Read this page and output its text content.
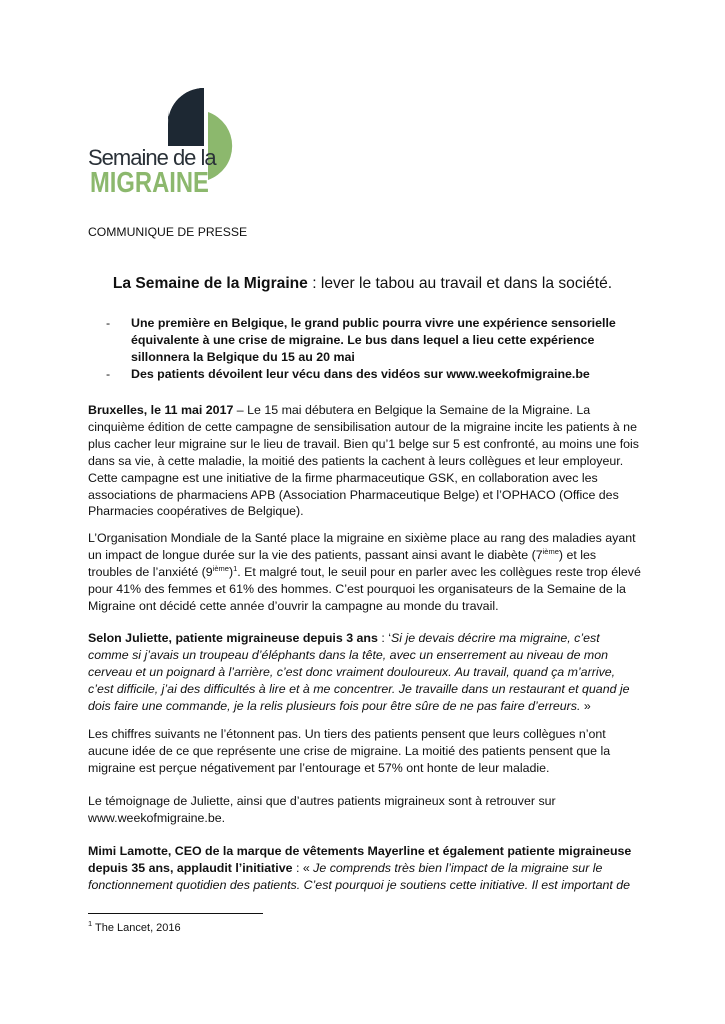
Semaine de la
MIGRAINE
COMMUNIQUE DE PRESSE
La Semaine de la Migraine : lever le tabou au travail et dans la société.
- Une première en Belgique, le grand public pourra vivre une expérience sensorielle équivalente à une crise de migraine. Le bus dans lequel a lieu cette expérience sillonnera la Belgique du 15 au 20 mai
- Des patients dévoilent leur vécu dans des vidéos sur www.weekofmigraine.be

Bruxelles, le 11 mai 2017 – Le 15 mai débutera en Belgique la Semaine de la Migraine. La cinquième édition de cette campagne de sensibilisation autour de la migraine incite les patients à ne plus cacher leur migraine sur le lieu de travail. Bien qu’1 belge sur 5 est confronté, au moins une fois dans sa vie, à cette maladie, la moitié des patients la cachent à leurs collègues et leur employeur. Cette campagne est une initiative de la firme pharmaceutique GSK, en collaboration avec les associations de pharmaciens APB (Association Pharmaceutique Belge) et l’OPHACO (Office des Pharmacies coopératives de Belgique).

L’Organisation Mondiale de la Santé place la migraine en sixième place au rang des maladies ayant un impact de longue durée sur la vie des patients, passant ainsi avant le diabète (7ième) et les troubles de l’anxiété $(9ième)^1$. Et malgré tout, le seuil pour en parler avec les collègues reste trop élevé pour 41% des femmes et 61% des hommes. C’est pourquoi les organisateurs de la Semaine de la Migraine ont décidé cette année d’ouvrir la campagne au monde du travail.

Selon Juliette, patiente migraineuse depuis 3 ans : ‘Si je devais décrire ma migraine, c’est comme si j’avais un troupeau d’éléphants dans la tête, avec un enserrement au niveau de mon cerveau et un poignard à l’arrière, c’est donc vraiment douloureux. Au travail, quand ça m’arrive, c’est difficile, j’ai des difficultés à lire et à me concentrer. Je travaille dans un restaurant et quand je dois faire une commande, je la relis plusieurs fois pour être sûre de ne pas faire d’erreurs. »

Les chiffres suivants ne l’étonnent pas. Un tiers des patients pensent que leurs collègues n’ont aucune idée de ce que représente une crise de migraine. La moitié des patients pensent que la migraine est perçue négativement par l’entourage et 57% ont honte de leur maladie.

Le témoignage de Juliette, ainsi que d’autres patients migraineux sont à retrouver sur www.weekofmigraine.be.

Mimi Lamotte, CEO de la marque de vêtements Mayerline et également patiente migraineuse depuis 35 ans, applaudit l’initiative : « Je comprends très bien l’impact de la migraine sur le fonctionnement quotidien des patients. C’est pourquoi je soutiens cette initiative. Il est important de

$^1$ The Lancet, 2016
